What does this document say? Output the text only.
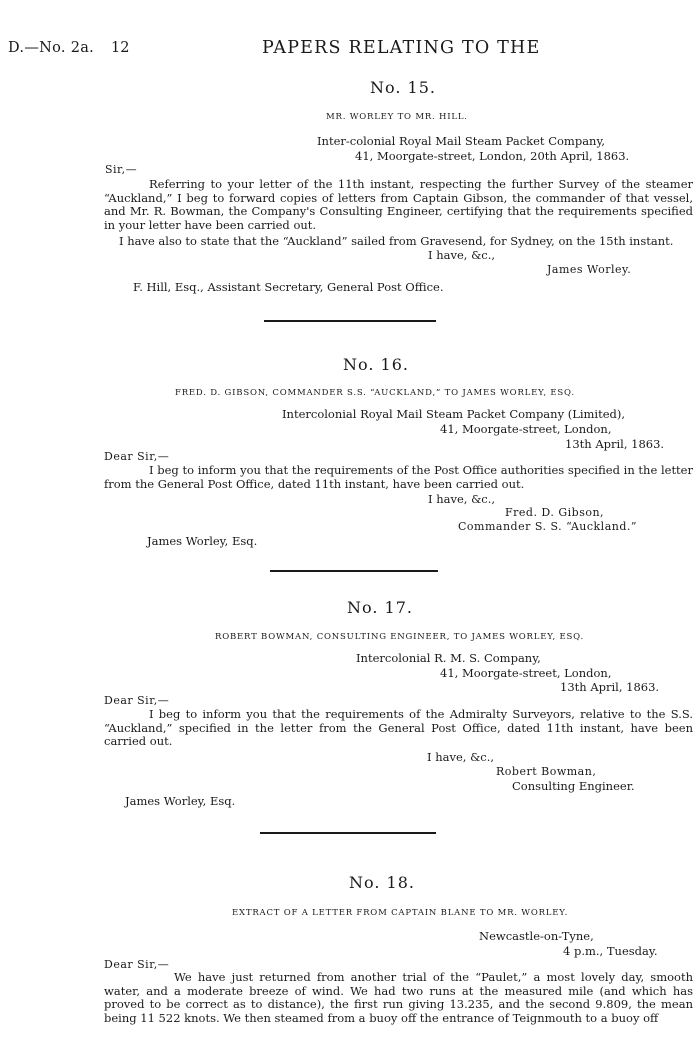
D.—No. 2a. 12	PAPERS RELATING TO THE
No. 15.
MR. WORLEY TO MR. HILL.
Inter-colonial Royal Mail Steam Packet Company,
41, Moorgate-street, London, 20th April, 1863.
Sir,—
Referring to your letter of the 11th instant, respecting the further Survey of the steamer “Auckland,” I beg to forward copies of letters from Captain Gibson, the commander of that vessel, and Mr. R. Bowman, the Company's Consulting Engineer, certifying that the requirements specified in your letter have been carried out.
I have also to state that the “Auckland” sailed from Gravesend, for Sydney, on the 15th instant.
I have, &c.,
James Worley.
F. Hill, Esq., Assistant Secretary, General Post Office.
No. 16.
FRED. D. GIBSON, COMMANDER S.S. “AUCKLAND,” TO JAMES WORLEY, ESQ.
Intercolonial Royal Mail Steam Packet Company (Limited),
41, Moorgate-street, London,
13th April, 1863.
Dear Sir,—
I beg to inform you that the requirements of the Post Office authorities specified in the letter from the General Post Office, dated 11th instant, have been carried out.
I have, &c.,
Fred. D. Gibson,
Commander S. S. “Auckland.”
James Worley, Esq.
No. 17.
ROBERT BOWMAN, CONSULTING ENGINEER, TO JAMES WORLEY, ESQ.
Intercolonial R. M. S. Company,
41, Moorgate-street, London,
13th April, 1863.
Dear Sir,—
I beg to inform you that the requirements of the Admiralty Surveyors, relative to the S.S. “Auckland,” specified in the letter from the General Post Office, dated 11th instant, have been carried out.
I have, &c.,
Robert Bowman,
Consulting Engineer.
James Worley, Esq.
No. 18.
EXTRACT OF A LETTER FROM CAPTAIN BLANE TO MR. WORLEY.
Newcastle-on-Tyne,
4 p.m., Tuesday.
Dear Sir,—
We have just returned from another trial of the “Paulet,” a most lovely day, smooth water, and a moderate breeze of wind. We had two runs at the measured mile (and which has proved to be correct as to distance), the first run giving 13.235, and the second 9.809, the mean being 11 522 knots. We then steamed from a buoy off the entrance of Teignmouth to a buoy off
